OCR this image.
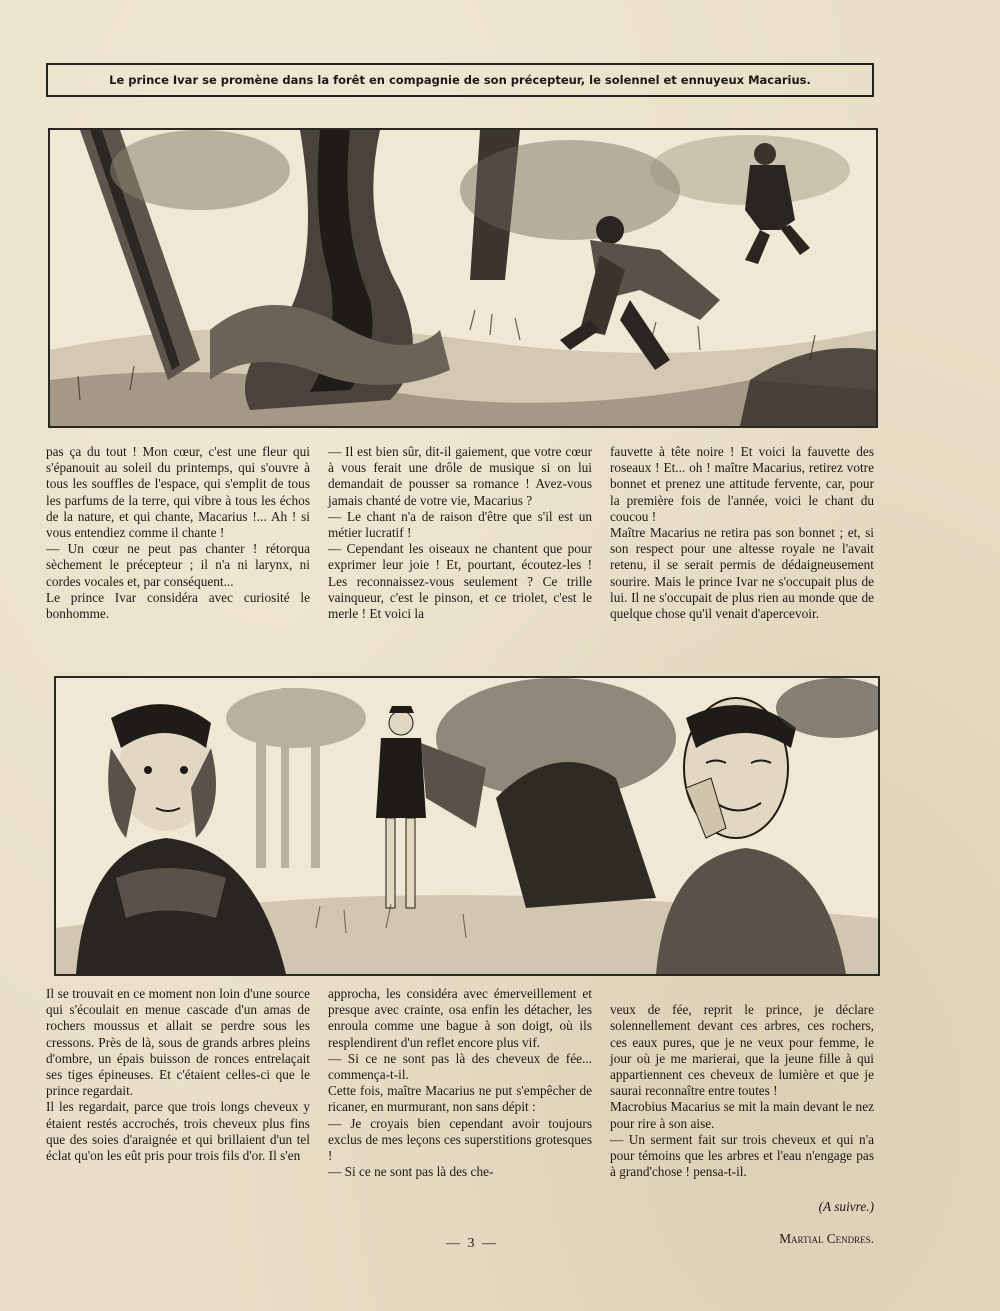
Le prince Ivar se promène dans la forêt en compagnie de son précepteur, le solennel et ennuyeux Macarius.
pas ça du tout ! Mon cœur, c'est une fleur qui s'épanouit au soleil du printemps, qui s'ouvre à tous les souffles de l'espace, qui s'emplit de tous les parfums de la terre, qui vibre à tous les échos de la nature, et qui chante, Macarius !... Ah ! si vous entendiez comme il chante !
— Un cœur ne peut pas chanter ! rétorqua sèchement le précepteur ; il n'a ni larynx, ni cordes vocales et, par conséquent...
Le prince Ivar considéra avec curiosité le bonhomme.
— Il est bien sûr, dit-il gaiement, que votre cœur à vous ferait une drôle de musique si on lui demandait de pousser sa romance ! Avez-vous jamais chanté de votre vie, Macarius ?
— Le chant n'a de raison d'être que s'il est un métier lucratif !
— Cependant les oiseaux ne chantent que pour exprimer leur joie ! Et, pourtant, écoutez-les ! Les reconnaissez-vous seulement ? Ce trille vainqueur, c'est le pinson, et ce triolet, c'est le merle ! Et voici la
fauvette à tête noire ! Et voici la fauvette des roseaux ! Et... oh ! maître Macarius, retirez votre bonnet et prenez une attitude fervente, car, pour la première fois de l'année, voici le chant du coucou !
Maître Macarius ne retira pas son bonnet ; et, si son respect pour une altesse royale ne l'avait retenu, il se serait permis de dédaigneusement sourire. Mais le prince Ivar ne s'occupait plus de lui. Il ne s'occupait de plus rien au monde que de quelque chose qu'il venait d'apercevoir.
Il se trouvait en ce moment non loin d'une source qui s'écoulait en menue cascade d'un amas de rochers moussus et allait se perdre sous les cressons. Près de là, sous de grands arbres pleins d'ombre, un épais buisson de ronces entrelaçait ses tiges épineuses. Et c'étaient celles-ci que le prince regardait.
Il les regardait, parce que trois longs cheveux y étaient restés accrochés, trois cheveux plus fins que des soies d'araignée et qui brillaient d'un tel éclat qu'on les eût pris pour trois fils d'or. Il s'en
approcha, les considéra avec émerveillement et presque avec crainte, osa enfin les détacher, les enroula comme une bague à son doigt, où ils resplendirent d'un reflet encore plus vif.
— Si ce ne sont pas là des cheveux de fée... commença-t-il.
Cette fois, maître Macarius ne put s'empêcher de ricaner, en murmurant, non sans dépit :
— Je croyais bien cependant avoir toujours exclus de mes leçons ces superstitions grotesques !
— Si ce ne sont pas là des che-

veux de fée, reprit le prince, je déclare solennellement devant ces arbres, ces rochers, ces eaux pures, que je ne veux pour femme, le jour où je me marierai, que la jeune fille à qui appartiennent ces cheveux de lumière et que je saurai reconnaître entre toutes !
Macrobius Macarius se mit la main devant le nez pour rire à son aise.
— Un serment fait sur trois cheveux et qui n'a pour témoins que les arbres et l'eau n'engage pas à grand'chose ! pensa-t-il.

(A suivre.)

Martial Cendres.

— 3 —
